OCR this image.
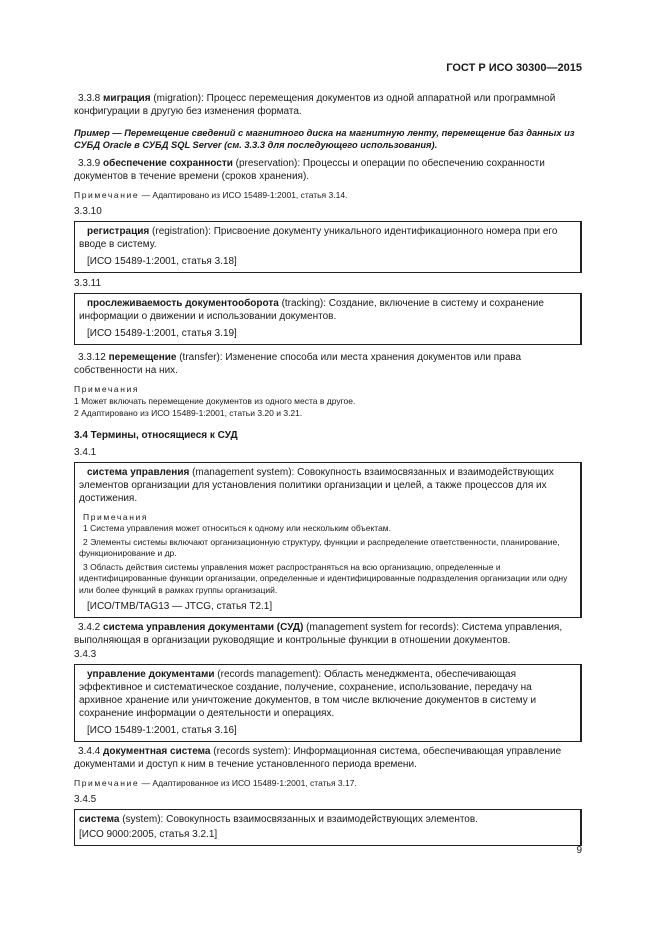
ГОСТ Р ИСО 30300—2015

3.3.8 миграция (migration): Процесс перемещения документов из одной аппаратной или программной конфигурации в другую без изменения формата.

Пример — Перемещение сведений с магнитного диска на магнитную ленту, перемещение баз данных из СУБД Oracle в СУБД SQL Server (см. 3.3.3 для последующего использования).

3.3.9 обеспечение сохранности (preservation): Процессы и операции по обеспечению сохранности документов в течение времени (сроков хранения).

Примечание — Адаптировано из ИСО 15489-1:2001, статья 3.14.

3.3.10

регистрация (registration): Присвоение документу уникального идентификационного номера при его вводе в систему.

[ИСО 15489-1:2001, статья 3.18]

3.3.11

прослеживаемость документооборота (tracking): Создание, включение в систему и сохранение информации о движении и использовании документов.

[ИСО 15489-1:2001, статья 3.19]

3.3.12 перемещение (transfer): Изменение способа или места хранения документов или права собственности на них.

Примечания

1 Может включать перемещение документов из одного места в другое.

2 Адаптировано из ИСО 15489-1:2001, статьи 3.20 и 3.21.

3.4 Термины, относящиеся к СУД

3.4.1

система управления (management system): Совокупность взаимосвязанных и взаимодействующих элементов организации для установления политики организации и целей, а также процессов для их достижения.

Примечания

1 Система управления может относиться к одному или нескольким объектам.

2 Элементы системы включают организационную структуру, функции и распределение ответственности, планирование, функционирование и др.

3 Область действия системы управления может распространяться на всю организацию, определенные и идентифицированные функции организации, определенные и идентифицированные подразделения организации или одну или более функций в рамках группы организаций.

[ИСО/TMB/TAG13 — JTCG, статья Т2.1]

3.4.2 система управления документами (СУД) (management system for records): Система управления, выполняющая в организации руководящие и контрольные функции в отношении документов.

3.4.3

управление документами (records management): Область менеджмента, обеспечивающая эффективное и систематическое создание, получение, сохранение, использование, передачу на архивное хранение или уничтожение документов, в том числе включение документов в систему и сохранение информации о деятельности и операциях.

[ИСО 15489-1:2001, статья 3.16]

3.4.4 документная система (records system): Информационная система, обеспечивающая управление документами и доступ к ним в течение установленного периода времени.

Примечание — Адаптированное из ИСО 15489-1:2001, статья 3.17.

3.4.5

система (system): Совокупность взаимосвязанных и взаимодействующих элементов.

[ИСО 9000:2005, статья 3.2.1]

9
